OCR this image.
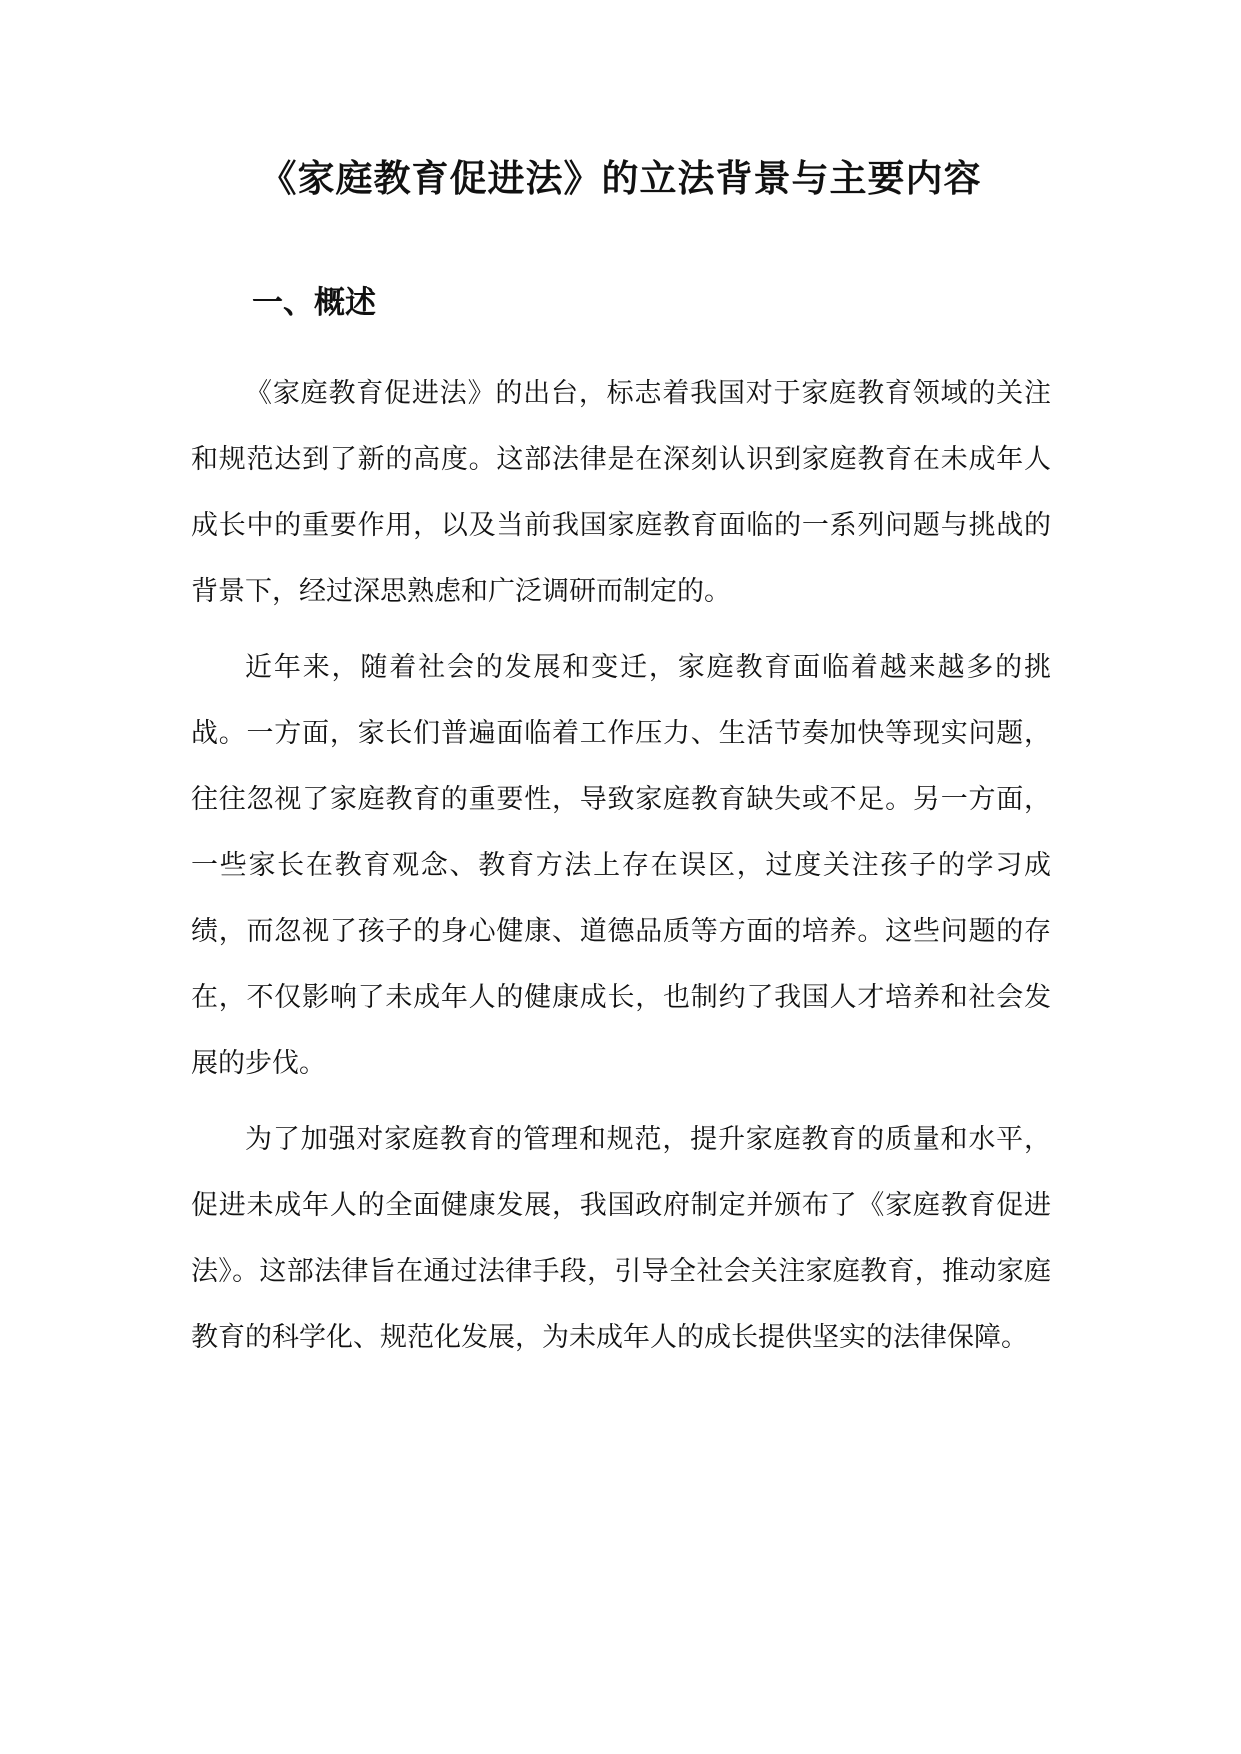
《家庭教育促进法》的立法背景与主要内容
一、概述

《家庭教育促进法》的出台，标志着我国对于家庭教育领域的关注和规范达到了新的高度。这部法律是在深刻认识到家庭教育在未成年人成长中的重要作用，以及当前我国家庭教育面临的一系列问题与挑战的背景下，经过深思熟虑和广泛调研而制定的。

近年来，随着社会的发展和变迁，家庭教育面临着越来越多的挑战。一方面，家长们普遍面临着工作压力、生活节奏加快等现实问题，往往忽视了家庭教育的重要性，导致家庭教育缺失或不足。另一方面，一些家长在教育观念、教育方法上存在误区，过度关注孩子的学习成绩，而忽视了孩子的身心健康、道德品质等方面的培养。这些问题的存在，不仅影响了未成年人的健康成长，也制约了我国人才培养和社会发展的步伐。

为了加强对家庭教育的管理和规范，提升家庭教育的质量和水平，促进未成年人的全面健康发展，我国政府制定并颁布了《家庭教育促进法》。这部法律旨在通过法律手段，引导全社会关注家庭教育，推动家庭教育的科学化、规范化发展，为未成年人的成长提供坚实的法律保障。
